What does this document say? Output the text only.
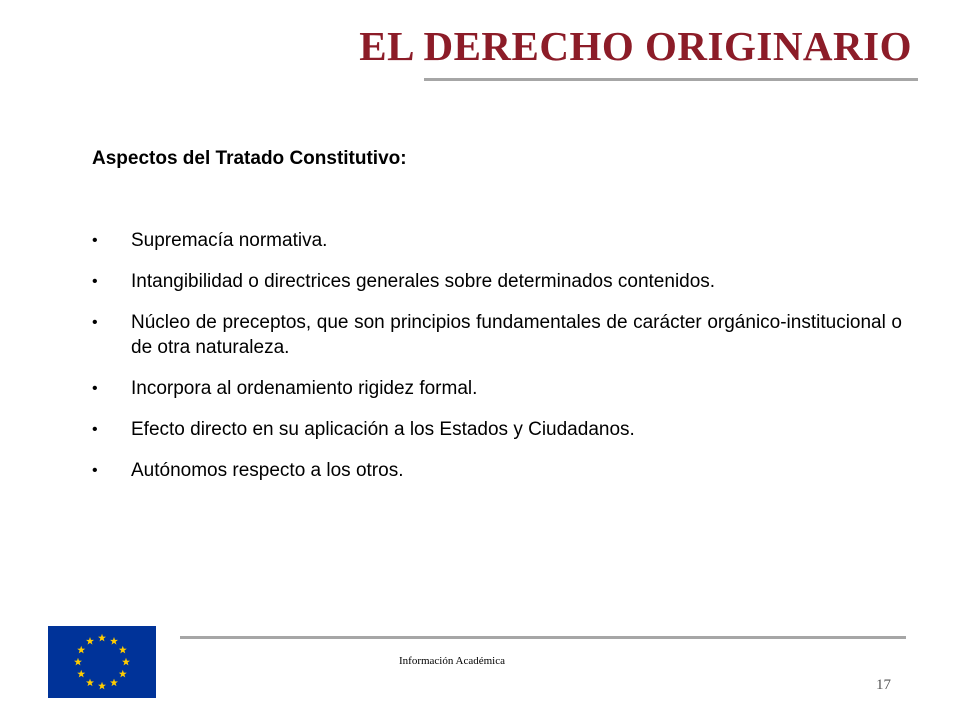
EL DERECHO ORIGINARIO
Aspectos del Tratado Constitutivo:
• Supremacía normativa.
• Intangibilidad o directrices generales sobre determinados contenidos.
• Núcleo de preceptos, que son principios fundamentales de carácter orgánico-institucional o de otra naturaleza.
• Incorpora al ordenamiento rigidez formal.
• Efecto directo en su aplicación a los Estados y Ciudadanos.
• Autónomos respecto a los otros.
Información Académica
17
